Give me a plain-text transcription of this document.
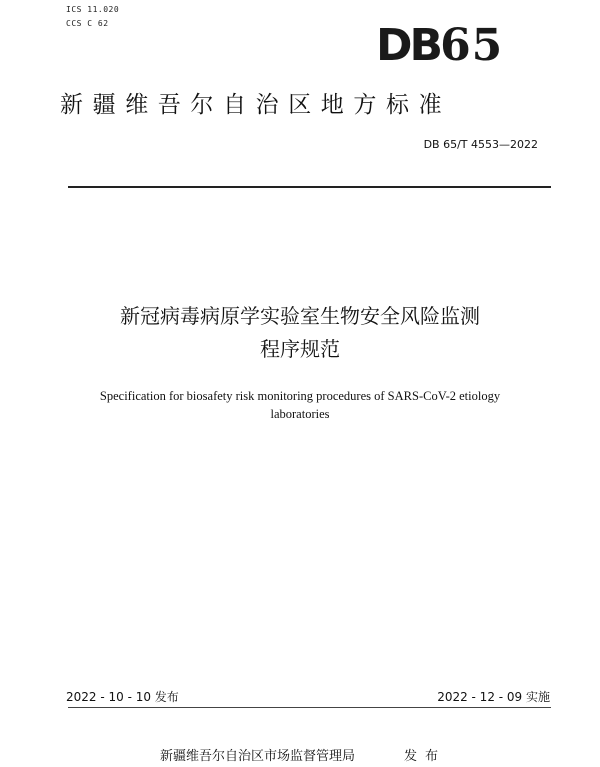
ICS 11.020
CCS C 62	DB65
新疆维吾尔自治区地方标准
DB 65/T 4553—2022
新冠病毒病原学实验室生物安全风险监测
程序规范
Specification for biosafety risk monitoring procedures of SARS-CoV-2 etiology
laboratories
2022 - 10 - 10 发布	2022 - 12 - 09 实施
新疆维吾尔自治区市场监督管理局	发布
